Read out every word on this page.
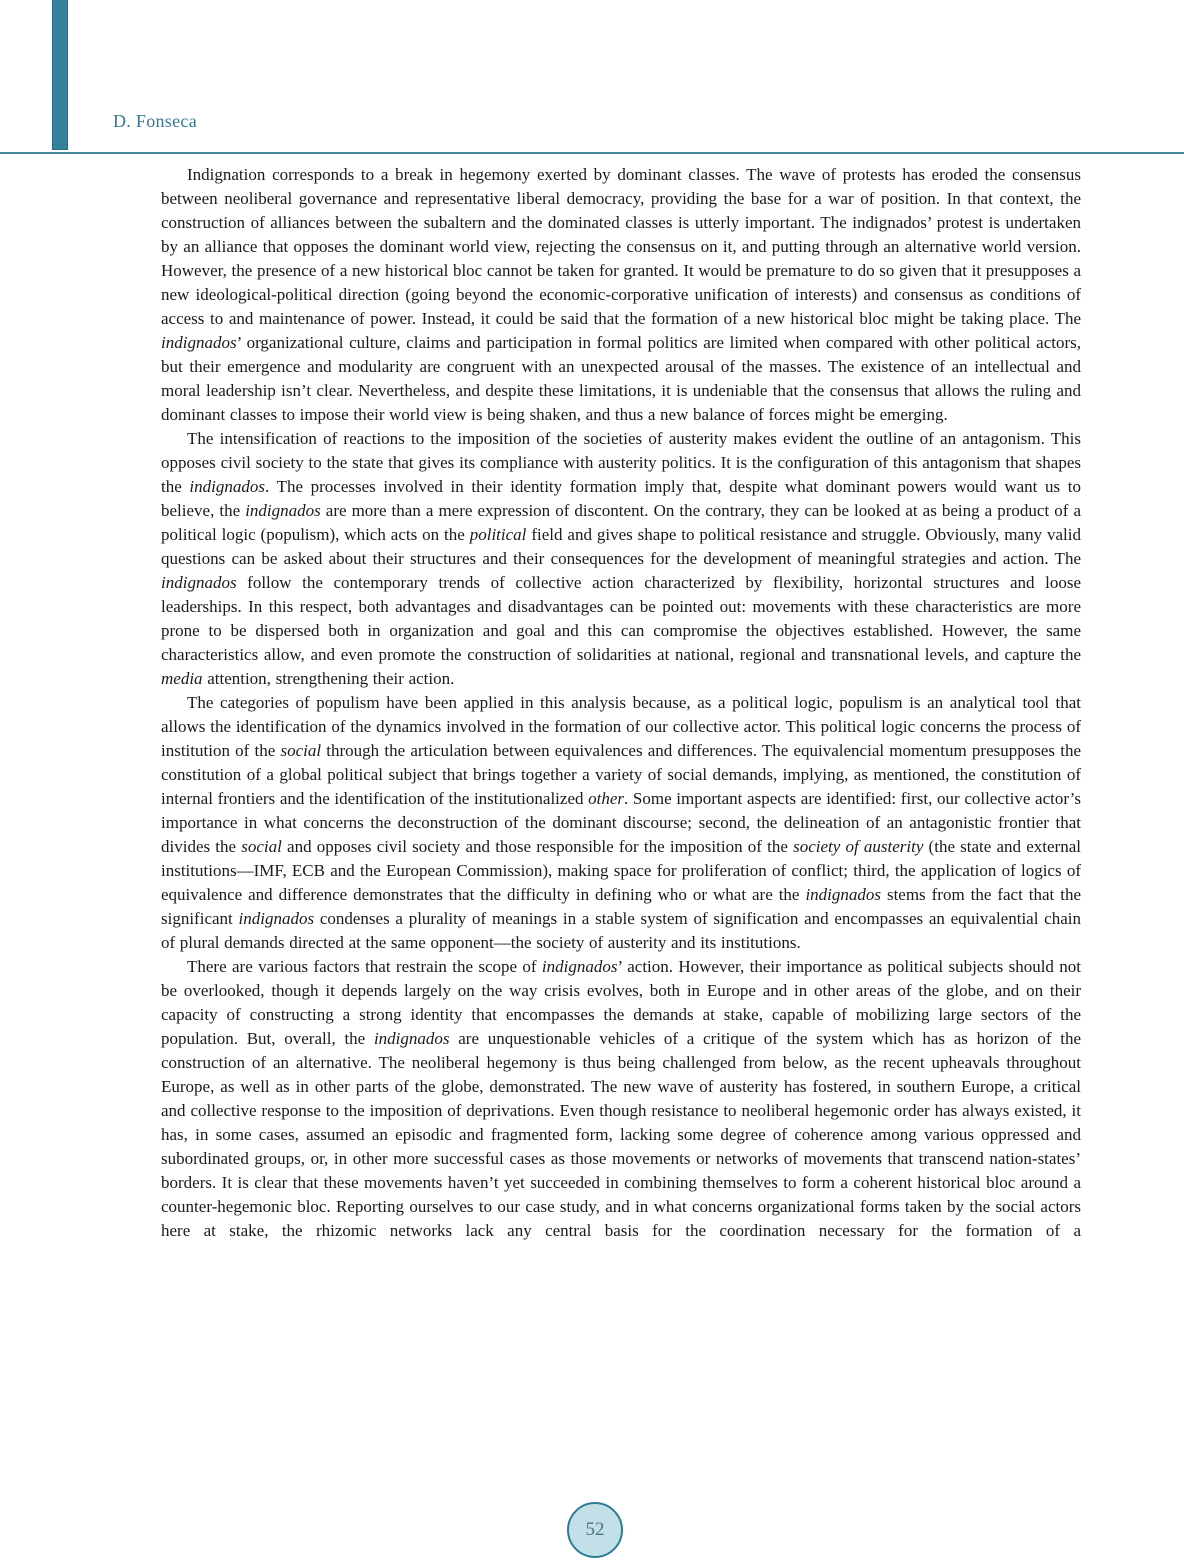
D. Fonseca

Indignation corresponds to a break in hegemony exerted by dominant classes. The wave of protests has eroded the consensus between neoliberal governance and representative liberal democracy, providing the base for a war of position. In that context, the construction of alliances between the subaltern and the dominated classes is utterly important. The indignados’ protest is undertaken by an alliance that opposes the dominant world view, rejecting the consensus on it, and putting through an alternative world version. However, the presence of a new historical bloc cannot be taken for granted. It would be premature to do so given that it presupposes a new ideological-political direction (going beyond the economic-corporative unification of interests) and consensus as conditions of access to and maintenance of power. Instead, it could be said that the formation of a new historical bloc might be taking place. The indignados’ organizational culture, claims and participation in formal politics are limited when compared with other political actors, but their emergence and modularity are congruent with an unexpected arousal of the masses. The existence of an intellectual and moral leadership isn’t clear. Nevertheless, and despite these limitations, it is undeniable that the consensus that allows the ruling and dominant classes to impose their world view is being shaken, and thus a new balance of forces might be emerging.

The intensification of reactions to the imposition of the societies of austerity makes evident the outline of an antagonism. This opposes civil society to the state that gives its compliance with austerity politics. It is the configuration of this antagonism that shapes the indignados. The processes involved in their identity formation imply that, despite what dominant powers would want us to believe, the indignados are more than a mere expression of discontent. On the contrary, they can be looked at as being a product of a political logic (populism), which acts on the political field and gives shape to political resistance and struggle. Obviously, many valid questions can be asked about their structures and their consequences for the development of meaningful strategies and action. The indignados follow the contemporary trends of collective action characterized by flexibility, horizontal structures and loose leaderships. In this respect, both advantages and disadvantages can be pointed out: movements with these characteristics are more prone to be dispersed both in organization and goal and this can compromise the objectives established. However, the same characteristics allow, and even promote the construction of solidarities at national, regional and transnational levels, and capture the media attention, strengthening their action.

The categories of populism have been applied in this analysis because, as a political logic, populism is an analytical tool that allows the identification of the dynamics involved in the formation of our collective actor. This political logic concerns the process of institution of the social through the articulation between equivalences and differences. The equivalencial momentum presupposes the constitution of a global political subject that brings together a variety of social demands, implying, as mentioned, the constitution of internal frontiers and the identification of the institutionalized other. Some important aspects are identified: first, our collective actor’s importance in what concerns the deconstruction of the dominant discourse; second, the delineation of an antagonistic frontier that divides the social and opposes civil society and those responsible for the imposition of the society of austerity (the state and external institutions—IMF, ECB and the European Commission), making space for proliferation of conflict; third, the application of logics of equivalence and difference demonstrates that the difficulty in defining who or what are the indignados stems from the fact that the significant indignados condenses a plurality of meanings in a stable system of signification and encompasses an equivalential chain of plural demands directed at the same opponent—the society of austerity and its institutions.

There are various factors that restrain the scope of indignados’ action. However, their importance as political subjects should not be overlooked, though it depends largely on the way crisis evolves, both in Europe and in other areas of the globe, and on their capacity of constructing a strong identity that encompasses the demands at stake, capable of mobilizing large sectors of the population. But, overall, the indignados are unquestionable vehicles of a critique of the system which has as horizon of the construction of an alternative. The neoliberal hegemony is thus being challenged from below, as the recent upheavals throughout Europe, as well as in other parts of the globe, demonstrated. The new wave of austerity has fostered, in southern Europe, a critical and collective response to the imposition of deprivations. Even though resistance to neoliberal hegemonic order has always existed, it has, in some cases, assumed an episodic and fragmented form, lacking some degree of coherence among various oppressed and subordinated groups, or, in other more successful cases as those movements or networks of movements that transcend nation-states’ borders. It is clear that these movements haven’t yet succeeded in combining themselves to form a coherent historical bloc around a counter-hegemonic bloc. Reporting ourselves to our case study, and in what concerns organizational forms taken by the social actors here at stake, the rhizomic networks lack any central basis for the coordination necessary for the formation of a

52
